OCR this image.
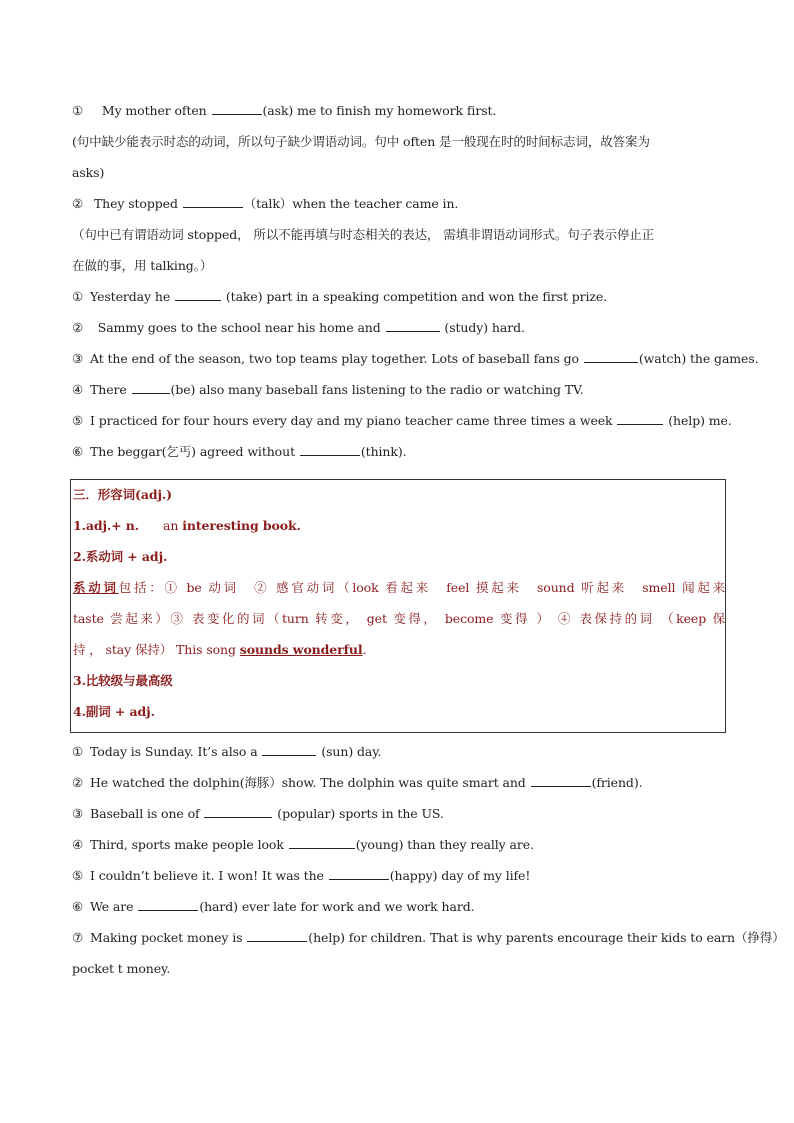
① My mother often	(ask) me to finish my homework first.
(句中缺少能表示时态的动词，所以句子缺少谓语动词。句中 often 是一般现在时的时间标志词，故答案为
asks)
② They stopped	（talk）when the teacher came in.
（句中已有谓语动词 stopped， 所以不能再填与时态相关的表达， 需填非谓语动词形式。句子表示停止正
在做的事，用 talking。）
① Yesterday he	(take) part in a speaking competition and won the first prize.
②  Sammy goes to the school near his home and	(study) hard.
③ At the end of the season, two top teams play together. Lots of baseball fans go	(watch) the games.
④ There	(be) also many baseball fans listening to the radio or watching TV.
⑤ I practiced for four hours every day and my piano teacher came three times a week	(help) me.
⑥ The beggar(乞丐) agreed without	(think).
三．形容词(adj.)
1.adj.+ n. an interesting book.
2.系动词 + adj.
系动词包括：① be 动词　② 感官动词（look 看起来　feel 摸起来　sound 听起来　smell 闻起来
taste 尝起来）③ 表变化的词（turn 转变， get 变得， become 变得 ） ④ 表保持的词 （keep 保
持 ， stay 保持） This song sounds wonderful.
3.比较级与最高级
4.副词 + adj.
① Today is Sunday. It’s also a	(sun) day.
② He watched the dolphin(海豚）show. The dolphin was quite smart and	(friend).
③ Baseball is one of	(popular) sports in the US.
④ Third, sports make people look	(young) than they really are.
⑤ I couldn’t believe it. I won! It was the	(happy) day of my life!
⑥ We are	(hard) ever late for work and we work hard.
⑦ Making pocket money is	(help) for children. That is why parents encourage their kids to earn（挣得）
pocket t money.
